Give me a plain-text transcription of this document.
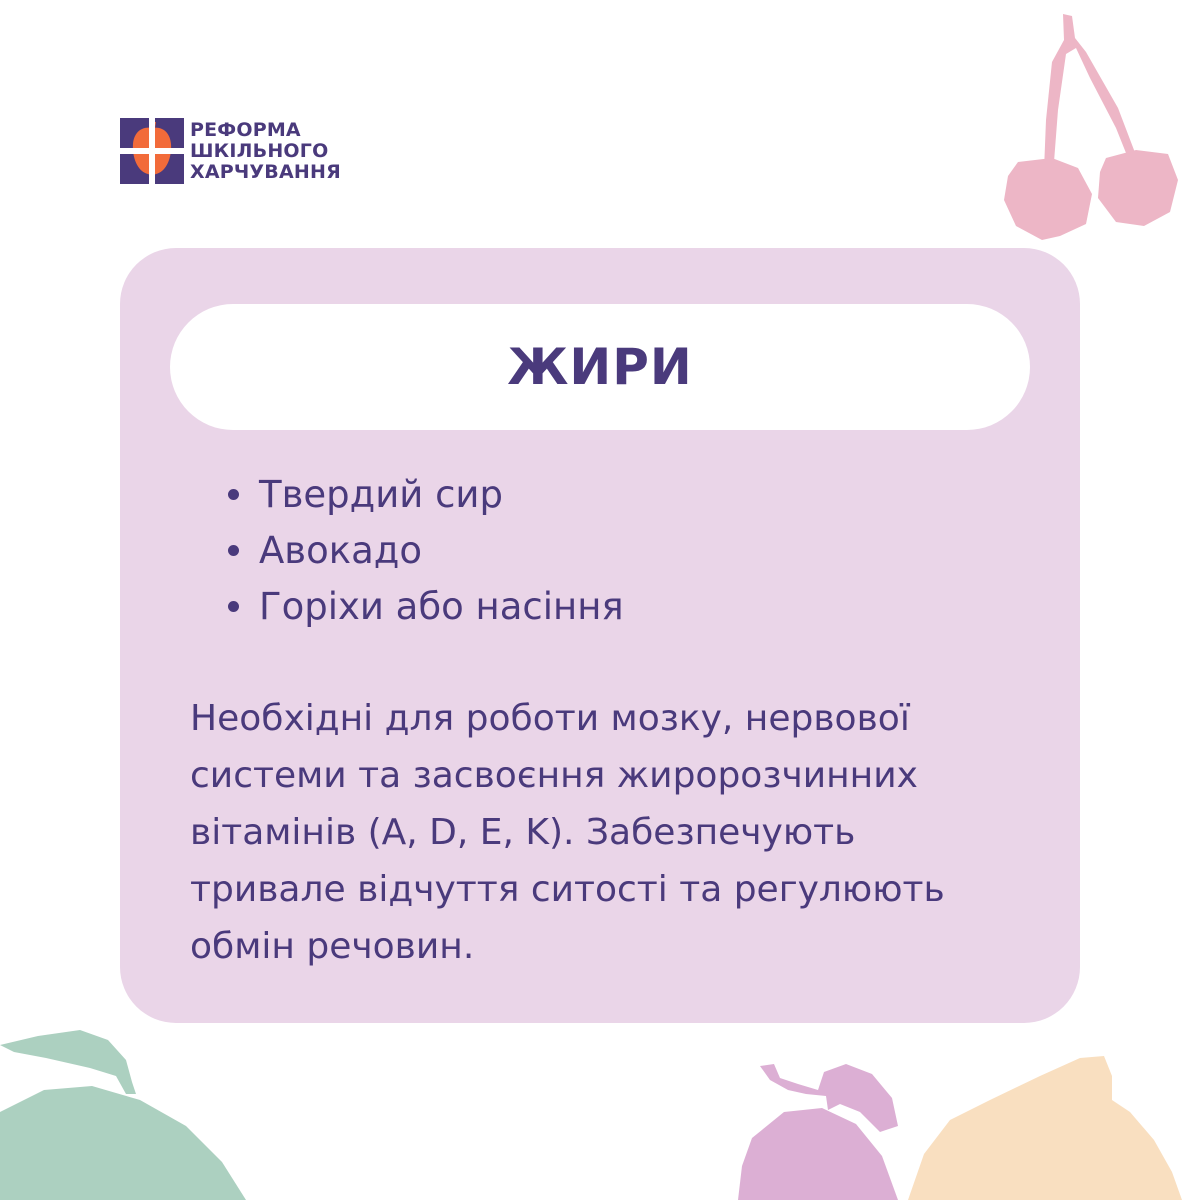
РЕФОРМА
ШКІЛЬНОГО
ХАРЧУВАННЯ
ЖИРИ
Твердий сир
Авокадо
Горіхи або насіння

Необхідні для роботи мозку, нервової
системи та засвоєння жиророзчинних
вітамінів (A, D, E, K). Забезпечують
тривале відчуття ситості та регулюють
обмін речовин.
